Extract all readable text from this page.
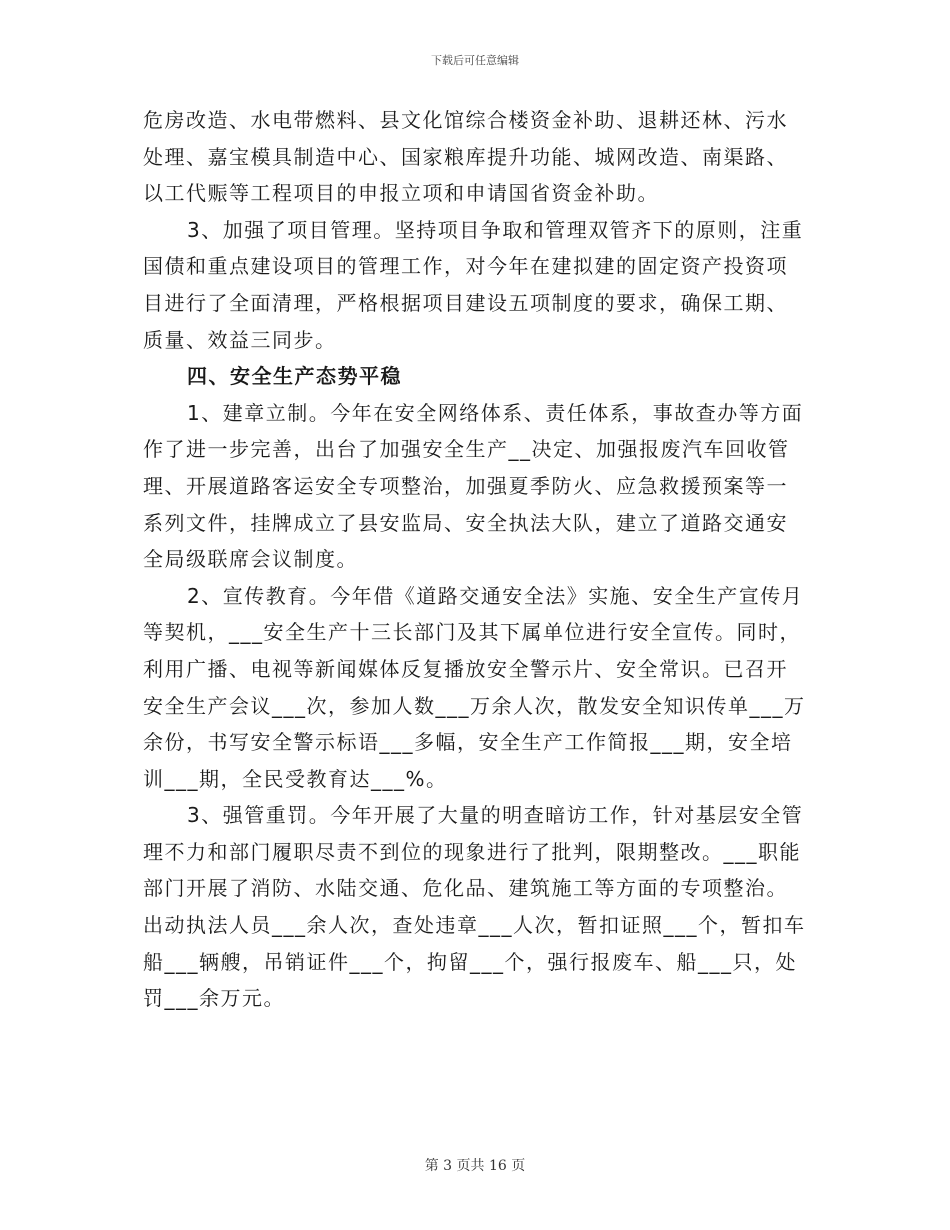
下载后可任意编辑
危房改造、水电带燃料、县文化馆综合楼资金补助、退耕还林、污水
处理、嘉宝模具制造中心、国家粮库提升功能、城网改造、南渠路、
以工代赈等工程项目的申报立项和申请国省资金补助。
3、加强了项目管理。坚持项目争取和管理双管齐下的原则，注重
国债和重点建设项目的管理工作，对今年在建拟建的固定资产投资项
目进行了全面清理，严格根据项目建设五项制度的要求，确保工期、
质量、效益三同步。
四、安全生产态势平稳
1、建章立制。今年在安全网络体系、责任体系，事故查办等方面
作了进一步完善，出台了加强安全生产__决定、加强报废汽车回收管
理、开展道路客运安全专项整治，加强夏季防火、应急救援预案等一
系列文件，挂牌成立了县安监局、安全执法大队，建立了道路交通安
全局级联席会议制度。
2、宣传教育。今年借《道路交通安全法》实施、安全生产宣传月
等契机，___安全生产十三长部门及其下属单位进行安全宣传。同时，
利用广播、电视等新闻媒体反复播放安全警示片、安全常识。已召开
安全生产会议___次，参加人数___万余人次，散发安全知识传单___万
余份，书写安全警示标语___多幅，安全生产工作简报___期，安全培
训___期，全民受教育达___%。
3、强管重罚。今年开展了大量的明查暗访工作，针对基层安全管
理不力和部门履职尽责不到位的现象进行了批判，限期整改。___职能
部门开展了消防、水陆交通、危化品、建筑施工等方面的专项整治。
出动执法人员___余人次，查处违章___人次，暂扣证照___个，暂扣车
船___辆艘，吊销证件___个，拘留___个，强行报废车、船___只，处
罚___余万元。
第 3 页共 16 页
